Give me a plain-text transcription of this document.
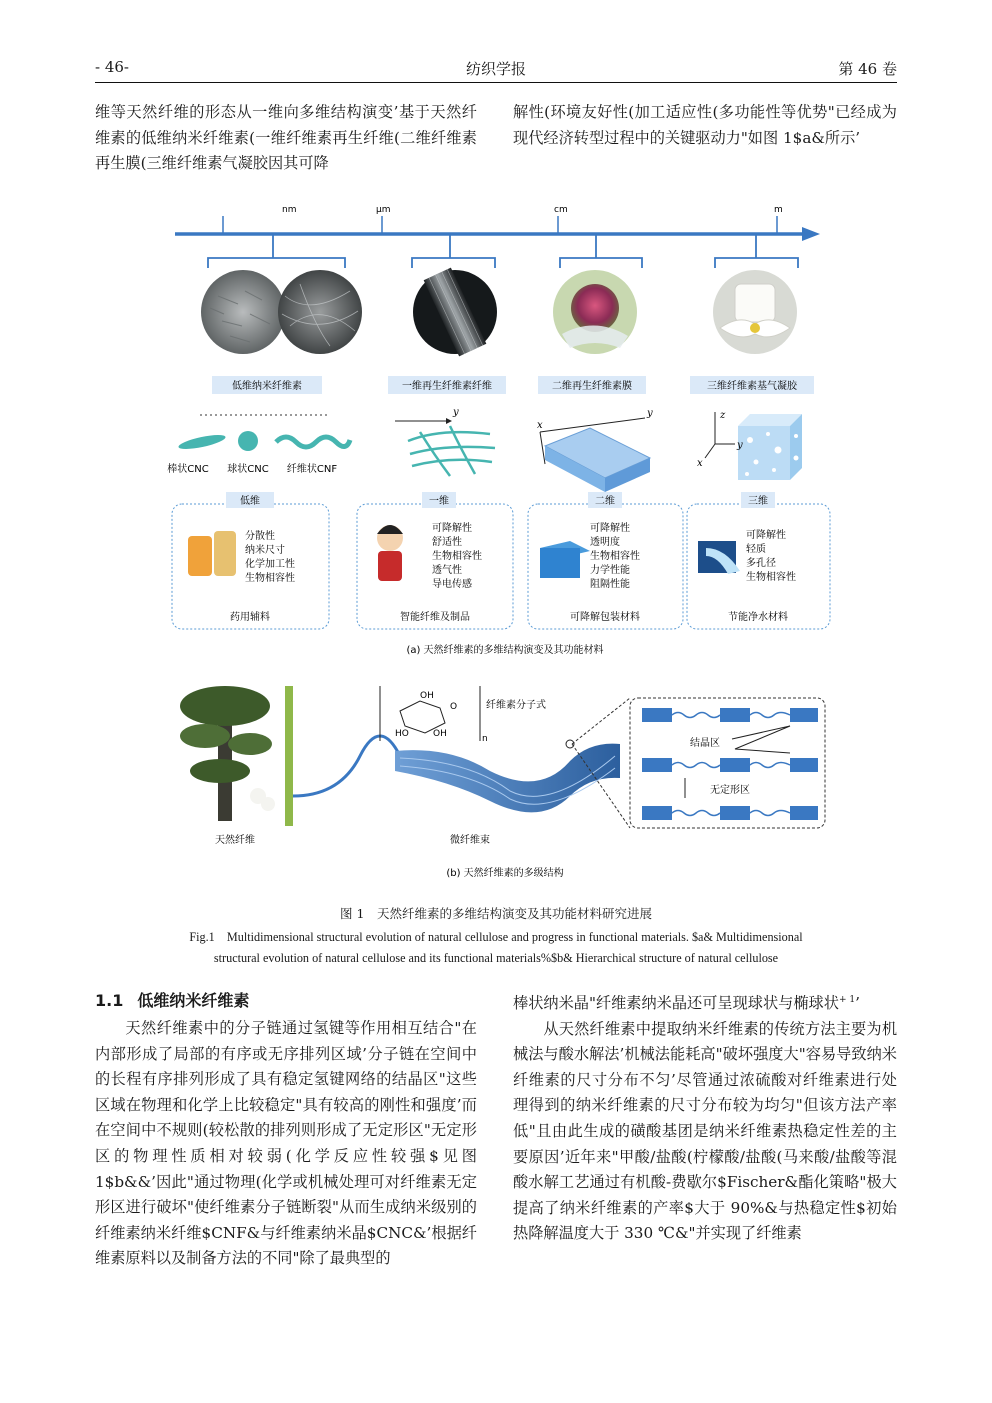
- 46-	纺织学报	第 46 卷

维等天然纤维的形态从一维向多维结构演变’基于天然纤维素的低维纳米纤维素(一维纤维素再生纤维(二维纤维素再生膜(三维纤维素气凝胶因其可降

解性(环境友好性(加工适应性(多功能性等优势"已经成为现代经济转型过程中的关键驱动力"如图 1$a&所示’

nm	μm	cm	m
低维纳米纤维素	一维再生纤维素纤维	二维再生纤维素膜	三维纤维素基气凝胶
棒状CNC 球状CNC 纤维状CNF
y	y
x
z
y
x
低维
分散性
纳米尺寸
化学加工性
生物相容性
药用辅料
一维
可降解性
舒适性
生物相容性
透气性
导电传感
智能纤维及制品
二维
可降解性
透明度
生物相容性
力学性能
阻隔性能
可降解包装材料
三维
可降解性
轻质
多孔径
生物相容性
节能净水材料
(a) 天然纤维素的多维结构演变及其功能材料
OH
HO	OH
O
n
纤维素分子式
结晶区
无定形区
天然纤维	微纤维束
(b) 天然纤维素的多级结构
图 1　天然纤维素的多维结构演变及其功能材料研究进展
Fig.1　Multidimensional structural evolution of natural cellulose and progress in functional materials. $a& Multidimensional
structural evolution of natural cellulose and its functional materials%$b& Hierarchical structure of natural cellulose
1.1 低维纳米纤维素

天然纤维素中的分子链通过氢键等作用相互结合"在内部形成了局部的有序或无序排列区域’分子链在空间中的长程有序排列形成了具有稳定氢键网络的结晶区"这些区域在物理和化学上比较稳定"具有较高的刚性和强度’而在空间中不规则(较松散的排列则形成了无定形区"无定形区的物理性质相对较弱(化学反应性较强$见图 1$b&&’因此"通过物理(化学或机械处理可对纤维素无定形区进行破坏"使纤维素分子链断裂"从而生成纳米级别的纤维素纳米纤维$CNF&与纤维素纳米晶$CNC&’根据纤维素原料以及制备方法的不同"除了最典型的

棒状纳米晶"纤维素纳米晶还可呈现球状与椭球状$^{+ 1}$’

从天然纤维素中提取纳米纤维素的传统方法主要为机械法与酸水解法’机械法能耗高"破坏强度大"容易导致纳米纤维素的尺寸分布不匀’尽管通过浓硫酸对纤维素进行处理得到的纳米纤维素的尺寸分布较为均匀"但该方法产率低"且由此生成的磺酸基团是纳米纤维素热稳定性差的主要原因’近年来"甲酸/盐酸(柠檬酸/盐酸(马来酸/盐酸等混酸水解工艺通过有机酸-费歇尔$Fischer&酯化策略"极大提高了纳米纤维素的产率$大于 90%&与热稳定性$初始热降解温度大于 330 ℃&"并实现了纤维素
